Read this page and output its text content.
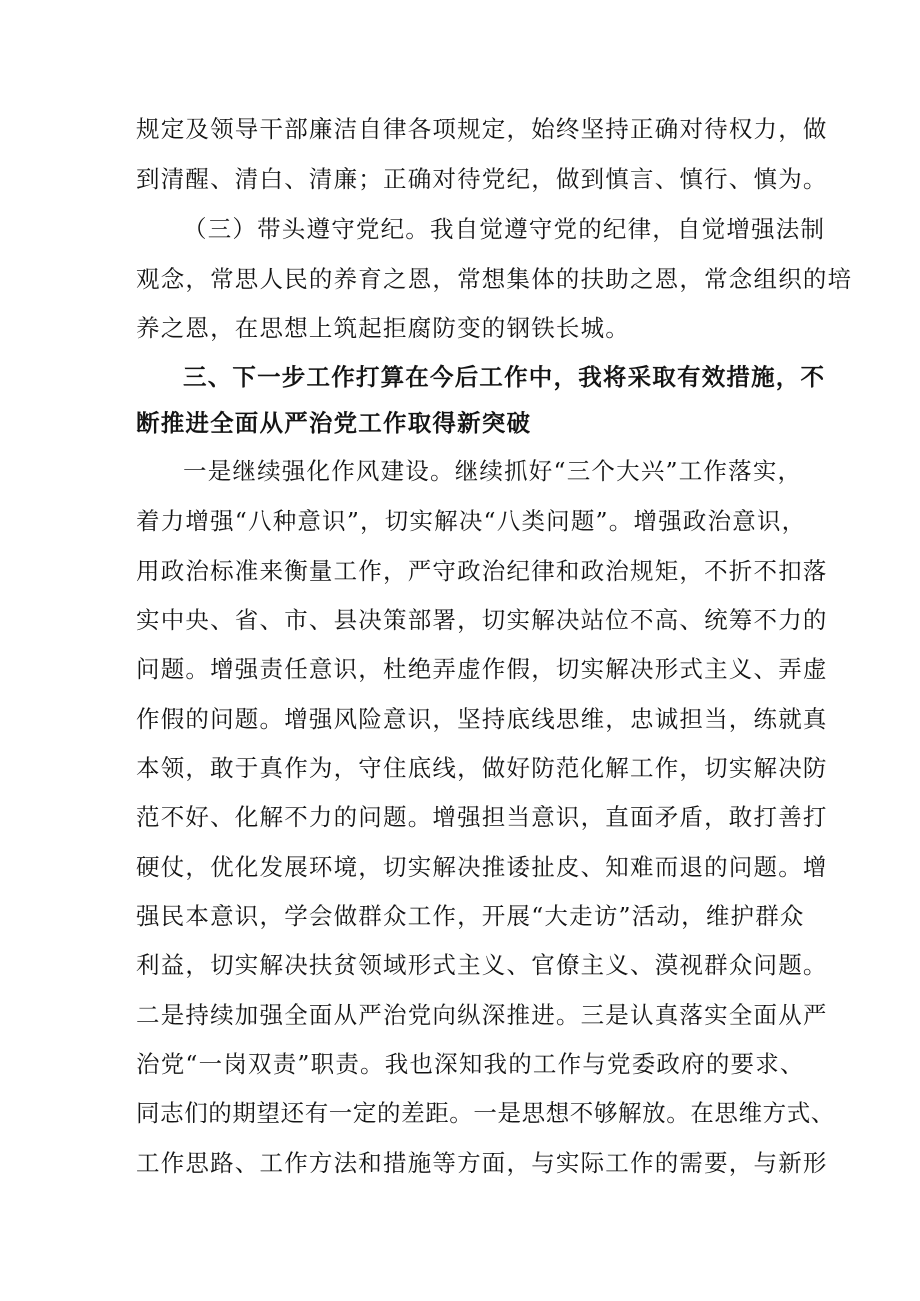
规定及领导干部廉洁自律各项规定，始终坚持正确对待权力，做
到清醒、清白、清廉；正确对待党纪，做到慎言、慎行、慎为。
（三）带头遵守党纪。我自觉遵守党的纪律，自觉增强法制
观念，常思人民的养育之恩，常想集体的扶助之恩，常念组织的培
养之恩，在思想上筑起拒腐防变的钢铁长城。
三、下一步工作打算在今后工作中，我将采取有效措施，不
断推进全面从严治党工作取得新突破
一是继续强化作风建设。继续抓好“三个大兴”工作落实，
着力增强“八种意识”，切实解决“八类问题”。增强政治意识，
用政治标准来衡量工作，严守政治纪律和政治规矩，不折不扣落
实中央、省、市、县决策部署，切实解决站位不高、统筹不力的
问题。增强责任意识，杜绝弄虚作假，切实解决形式主义、弄虚
作假的问题。增强风险意识，坚持底线思维，忠诚担当，练就真
本领，敢于真作为，守住底线，做好防范化解工作，切实解决防
范不好、化解不力的问题。增强担当意识，直面矛盾，敢打善打
硬仗，优化发展环境，切实解决推诿扯皮、知难而退的问题。增
强民本意识，学会做群众工作，开展“大走访”活动，维护群众
利益，切实解决扶贫领域形式主义、官僚主义、漠视群众问题。
二是持续加强全面从严治党向纵深推进。三是认真落实全面从严
治党“一岗双责”职责。我也深知我的工作与党委政府的要求、
同志们的期望还有一定的差距。一是思想不够解放。在思维方式、
工作思路、工作方法和措施等方面，与实际工作的需要，与新形
